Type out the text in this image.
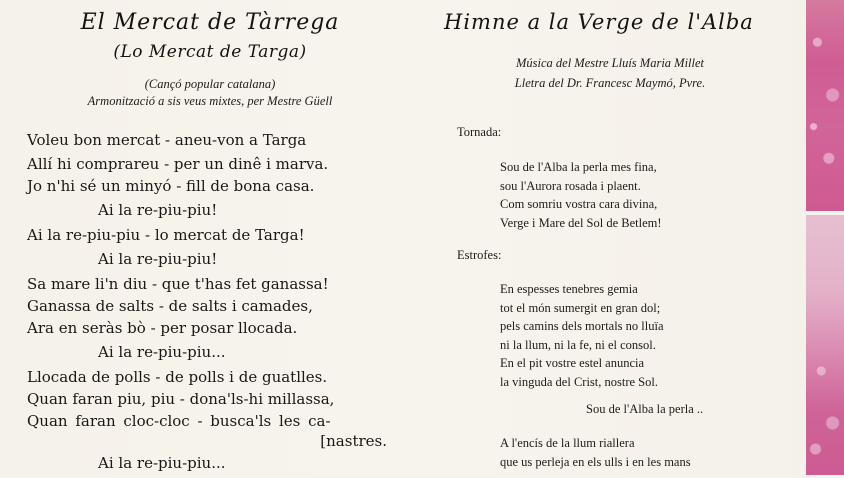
El Mercat de Tàrrega
(Lo Mercat de Targa)
(Cançó popular catalana)
Armonització a sis veus mixtes, per Mestre Güell
Voleu bon mercat - aneu-von a Targa
Allí hi comprareu - per un dinê i marva.
Jo n'hi sé un minyó - fill de bona casa.
Ai la re-piu-piu!
Ai la re-piu-piu - lo mercat de Targa!
Ai la re-piu-piu!
Sa mare li'n diu - que t'has fet ganassa!
Ganassa de salts - de salts i camades,
Ara en seràs bò - per posar llocada.
Ai la re-piu-piu...
Llocada de polls - de polls i de guatlles.
Quan faran piu, piu - dona'ls-hi millassa,
Quan faran cloc-cloc - busca'ls les ca-
[nastres.
Ai la re-piu-piu...
Himne a la Verge de l'Alba
Música del Mestre Lluís Maria Millet
Lletra del Dr. Francesc Maymó, Pvre.
Tornada:
Sou de l'Alba la perla mes fina,
sou l'Aurora rosada i plaent.
Com somriu vostra cara divina,
Verge i Mare del Sol de Betlem!
Estrofes:
En espesses tenebres gemia
tot el món sumergit en gran dol;
pels camins dels mortals no lluïa
ni la llum, ni la fe, ni el consol.
En el pit vostre estel anuncia
la vinguda del Crist, nostre Sol.
Sou de l'Alba la perla ..
A l'encís de la llum riallera
que us perleja en els ulls i en les mans
